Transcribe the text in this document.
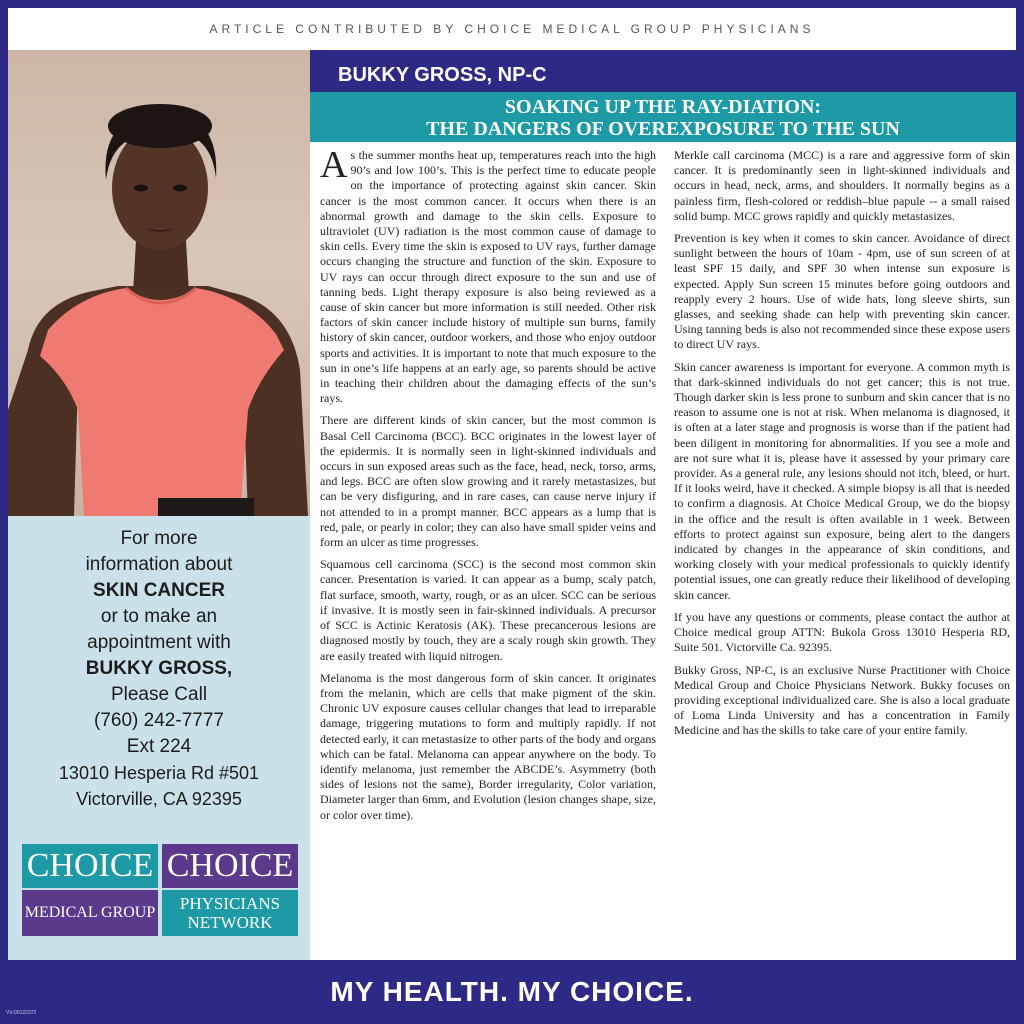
ARTICLE CONTRIBUTED BY CHOICE MEDICAL GROUP PHYSICIANS
For more
information about
SKIN CANCER
or to make an
appointment with
BUKKY GROSS,
Please Call
(760) 242-7777
Ext 224
13010 Hesperia Rd #501
Victorville, CA 92395
CHOICE
MEDICAL GROUP
CHOICE
PHYSICIANS
NETWORK
BUKKY GROSS, NP-C
SOAKING UP THE RAY-DIATION:
THE DANGERS OF OVEREXPOSURE TO THE SUN

As the summer months heat up, temperatures reach into the high 90’s and low 100’s. This is the perfect time to educate people on the importance of protecting against skin cancer. Skin cancer is the most common cancer. It occurs when there is an abnormal growth and damage to the skin cells. Exposure to ultraviolet (UV) radiation is the most common cause of damage to skin cells. Every time the skin is exposed to UV rays, further damage occurs changing the structure and function of the skin. Exposure to UV rays can occur through direct exposure to the sun and use of tanning beds. Light therapy exposure is also being reviewed as a cause of skin cancer but more information is still needed. Other risk factors of skin cancer include history of multiple sun burns, family history of skin cancer, outdoor workers, and those who enjoy outdoor sports and activities. It is important to note that much exposure to the sun in one’s life happens at an early age, so parents should be active in teaching their children about the damaging effects of the sun’s rays.

There are different kinds of skin cancer, but the most common is Basal Cell Carcinoma (BCC). BCC originates in the lowest layer of the epidermis. It is normally seen in light-skinned individuals and occurs in sun exposed areas such as the face, head, neck, torso, arms, and legs. BCC are often slow growing and it rarely metastasizes, but can be very disfiguring, and in rare cases, can cause nerve injury if not attended to in a prompt manner. BCC appears as a lump that is red, pale, or pearly in color; they can also have small spider veins and form an ulcer as time progresses.

Squamous cell carcinoma (SCC) is the second most common skin cancer. Presentation is varied. It can appear as a bump, scaly patch, flat surface, smooth, warty, rough, or as an ulcer. SCC can be serious if invasive. It is mostly seen in fair-skinned individuals. A precursor of SCC is Actinic Keratosis (AK). These precancerous lesions are diagnosed mostly by touch, they are a scaly rough skin growth. They are easily treated with liquid nitrogen.

Melanoma is the most dangerous form of skin cancer. It originates from the melanin, which are cells that make pigment of the skin. Chronic UV exposure causes cellular changes that lead to irreparable damage, triggering mutations to form and multiply rapidly. If not detected early, it can metastasize to other parts of the body and organs which can be fatal. Melanoma can appear anywhere on the body. To identify melanoma, just remember the ABCDE’s. Asymmetry (both sides of lesions not the same), Border irregularity, Color variation, Diameter larger than 6mm, and Evolution (lesion changes shape, size, or color over time).

Merkle call carcinoma (MCC) is a rare and aggressive form of skin cancer. It is predominantly seen in light-skinned individuals and occurs in head, neck, arms, and shoulders. It normally begins as a painless firm, flesh-colored or reddish–blue papule -- a small raised solid bump. MCC grows rapidly and quickly metastasizes.

Prevention is key when it comes to skin cancer. Avoidance of direct sunlight between the hours of 10am - 4pm, use of sun screen of at least SPF 15 daily, and SPF 30 when intense sun exposure is expected. Apply Sun screen 15 minutes before going outdoors and reapply every 2 hours. Use of wide hats, long sleeve shirts, sun glasses, and seeking shade can help with preventing skin cancer. Using tanning beds is also not recommended since these expose users to direct UV rays.

Skin cancer awareness is important for everyone. A common myth is that dark-skinned individuals do not get cancer; this is not true. Though darker skin is less prone to sunburn and skin cancer that is no reason to assume one is not at risk. When melanoma is diagnosed, it is often at a later stage and prognosis is worse than if the patient had been diligent in monitoring for abnormalities. If you see a mole and are not sure what it is, please have it assessed by your primary care provider. As a general rule, any lesions should not itch, bleed, or hurt. If it looks weird, have it checked. A simple biopsy is all that is needed to confirm a diagnosis. At Choice Medical Group, we do the biopsy in the office and the result is often available in 1 week. Between efforts to protect against sun exposure, being alert to the dangers indicated by changes in the appearance of skin conditions, and working closely with your medical professionals to quickly identify potential issues, one can greatly reduce their likelihood of developing skin cancer.

If you have any questions or comments, please contact the author at Choice medical group ATTN: Bukola Gross 13010 Hesperia RD, Suite 501. Victorville Ca. 92395.

Bukky Gross, NP-C, is an exclusive Nurse Practitioner with Choice Medical Group and Choice Physicians Network. Bukky focuses on providing exceptional individualized care. She is also a local graduate of Loma Linda University and has a concentration in Family Medicine and has the skills to take care of your entire family.

MY HEALTH. MY CHOICE.
VV-00122372
